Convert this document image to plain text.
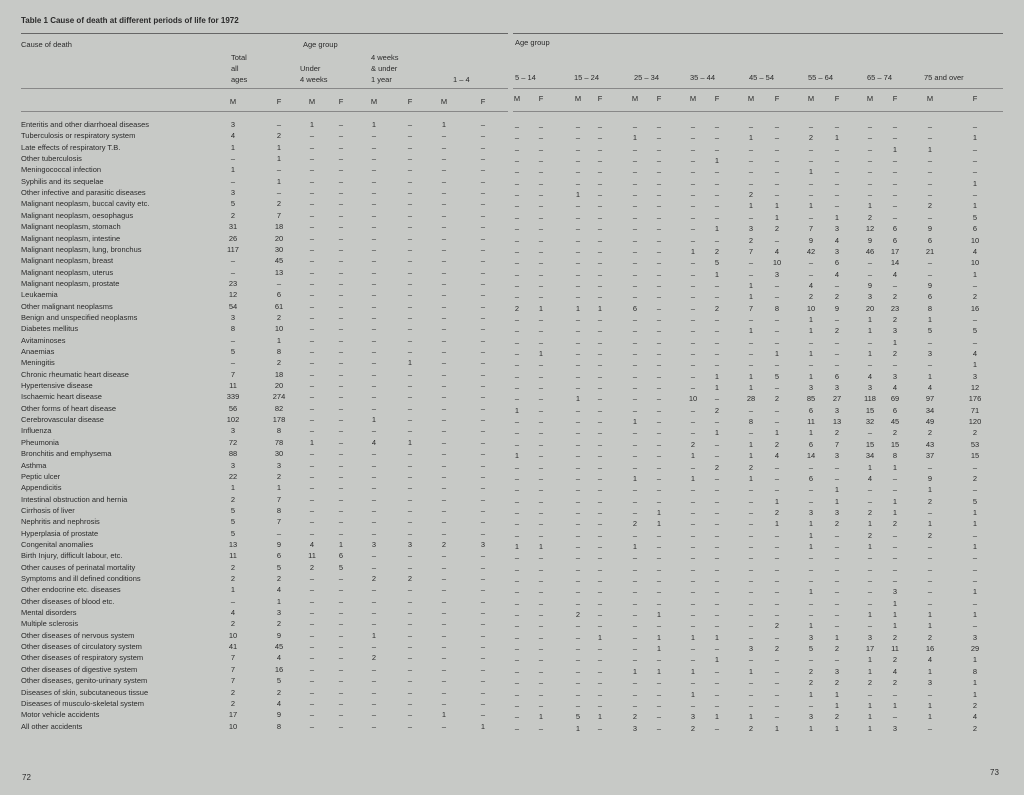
Table 1 Cause of death at different periods of life for 1972
Cause of death	Age group	Age group
Total
all
ages
Under
4 weeks
4 weeks
& under
1 year	1 – 4	5 – 14	15 – 24	25 – 34	35 – 44	45 – 54	55 – 64	65 – 74	75 and over
M	F	M	F	M	F	M	F	M	F	M	F	M	F	M	F	M	F	M	F	M	F	M	F
Enteritis and other diarrhoeal diseases	3	–	1	–	1	–	1	–	–	–	–	–	–	–	–	–	–	–	–	–	–	–	–	–
Tuberculosis or respiratory system	4	2	–	–	–	–	–	–	–	–	–	–	1	–	–	–	1	–	2	1	–	–	–	1
Late effects of respiratory T.B.	1	1	–	–	–	–	–	–	–	–	–	–	–	–	–	–	–	–	–	–	–	1	1	–
Other tuberculosis	–	1	–	–	–	–	–	–	–	–	–	–	–	–	–	1	–	–	–	–	–	–	–	–
Meningococcal infection	1	–	–	–	–	–	–	–	–	–	–	–	–	–	–	–	–	–	1	–	–	–	–	–
Syphilis and its sequelae	–	1	–	–	–	–	–	–	–	–	–	–	–	–	–	–	–	–	–	–	–	–	–	1
Other infective and parasitic diseases	3	–	–	–	–	–	–	–	–	–	1	–	–	–	–	–	2	–	–	–	–	–	–	–
Malignant neoplasm, buccal cavity etc.	5	2	–	–	–	–	–	–	–	–	–	–	–	–	–	–	1	1	1	–	1	–	2	1
Malignant neoplasm, oesophagus	2	7	–	–	–	–	–	–	–	–	–	–	–	–	–	–	–	1	–	1	2	–	–	5
Malignant neoplasm, stomach	31	18	–	–	–	–	–	–	–	–	–	–	–	–	–	1	3	2	7	3	12	6	9	6
Malignant neoplasm, intestine	26	20	–	–	–	–	–	–	–	–	–	–	–	–	–	–	2	–	9	4	9	6	6	10
Malignant neoplasm, lung, bronchus	117	30	–	–	–	–	–	–	–	–	–	–	–	–	1	2	7	4	42	3	46	17	21	4
Malignant neoplasm, breast	–	45	–	–	–	–	–	–	–	–	–	–	–	–	–	5	–	10	–	6	–	14	–	10
Malignant neoplasm, uterus	–	13	–	–	–	–	–	–	–	–	–	–	–	–	–	1	–	3	–	4	–	4	–	1
Malignant neoplasm, prostate	23	–	–	–	–	–	–	–	–	–	–	–	–	–	–	–	1	–	4	–	9	–	9	–
Leukaemia	12	6	–	–	–	–	–	–	–	–	–	–	–	–	–	–	1	–	2	2	3	2	6	2
Other malignant neoplasms	54	61	–	–	–	–	–	–	2	1	1	1	6	–	–	2	7	8	10	9	20	23	8	16
Benign and unspecified neoplasms	3	2	–	–	–	–	–	–	–	–	–	–	–	–	–	–	–	–	1	–	1	2	1	–
Diabetes mellitus	8	10	–	–	–	–	–	–	–	–	–	–	–	–	–	–	1	–	1	2	1	3	5	5
Avitaminoses	–	1	–	–	–	–	–	–	–	–	–	–	–	–	–	–	–	–	–	–	–	1	–	–
Anaemias	5	8	–	–	–	–	–	–	–	1	–	–	–	–	–	–	–	1	1	–	1	2	3	4
Meningitis	–	2	–	–	–	1	–	–	–	–	–	–	–	–	–	–	–	–	–	–	–	–	–	1
Chronic rheumatic heart disease	7	18	–	–	–	–	–	–	–	–	–	–	–	–	–	1	1	5	1	6	4	3	1	3
Hypertensive disease	11	20	–	–	–	–	–	–	–	–	–	–	–	–	–	1	1	–	3	3	3	4	4	12
Ischaemic heart disease	339	274	–	–	–	–	–	–	–	–	1	–	–	–	10	–	28	2	85	27	118	69	97	176
Other forms of heart disease	56	82	–	–	–	–	–	–	1	–	–	–	–	–	–	2	–	–	6	3	15	6	34	71
Cerebrovascular disease	102	178	–	–	1	–	–	–	–	–	–	–	1	–	–	–	8	–	11	13	32	45	49	120
Influenza	3	8	–	–	–	–	–	–	–	–	–	–	–	–	–	1	–	1	1	2	–	2	2	2
Pheumonia	72	78	1	–	4	1	–	–	–	–	–	–	–	–	2	–	1	2	6	7	15	15	43	53
Bronchitis and emphysema	88	30	–	–	–	–	–	–	1	–	–	–	–	–	1	–	1	4	14	3	34	8	37	15
Asthma	3	3	–	–	–	–	–	–	–	–	–	–	–	–	–	2	2	–	–	–	1	1	–	–
Peptic ulcer	22	2	–	–	–	–	–	–	–	–	–	–	1	–	1	–	1	–	6	–	4	–	9	2
Appendicitis	1	1	–	–	–	–	–	–	–	–	–	–	–	–	–	–	–	–	–	1	–	–	1	–
Intestinal obstruction and hernia	2	7	–	–	–	–	–	–	–	–	–	–	–	–	–	–	–	1	–	1	–	1	2	5
Cirrhosis of liver	5	8	–	–	–	–	–	–	–	–	–	–	–	1	–	–	–	2	3	3	2	1	–	1
Nephritis and nephrosis	5	7	–	–	–	–	–	–	–	–	–	–	2	1	–	–	–	1	1	2	1	2	1	1
Hyperplasia of prostate	5	–	–	–	–	–	–	–	–	–	–	–	–	–	–	–	–	–	1	–	2	–	2	–
Congenital anomalies	13	9	4	1	3	3	2	3	1	1	–	–	1	–	–	–	–	–	1	–	1	–	–	1
Birth Injury, difficult labour, etc.	11	6	11	6	–	–	–	–	–	–	–	–	–	–	–	–	–	–	–	–	–	–	–	–
Other causes of perinatal mortality	2	5	2	5	–	–	–	–	–	–	–	–	–	–	–	–	–	–	–	–	–	–	–	–
Symptoms and ill defined conditions	2	2	–	–	2	2	–	–	–	–	–	–	–	–	–	–	–	–	–	–	–	–	–	–
Other endocrine etc. diseases	1	4	–	–	–	–	–	–	–	–	–	–	–	–	–	–	–	–	1	–	–	3	–	1
Other diseases of blood etc.	–	1	–	–	–	–	–	–	–	–	–	–	–	–	–	–	–	–	–	–	–	1	–	–
Mental disorders	4	3	–	–	–	–	–	–	–	–	2	–	–	1	–	–	–	–	–	–	1	1	1	1
Multiple sclerosis	2	2	–	–	–	–	–	–	–	–	–	–	–	–	–	–	–	2	1	–	–	1	1	–
Other diseases of nervous system	10	9	–	–	1	–	–	–	–	–	–	1	–	1	1	1	–	–	3	1	3	2	2	3
Other diseases of circulatory system	41	45	–	–	–	–	–	–	–	–	–	–	–	1	–	–	3	2	5	2	17	11	16	29
Other diseases of respiratory system	7	4	–	–	2	–	–	–	–	–	–	–	–	–	–	1	–	–	–	–	1	2	4	1
Other diseases of digestive system	7	16	–	–	–	–	–	–	–	–	–	–	1	1	1	–	1	–	2	3	1	4	1	8
Other diseases, genito-urinary system	7	5	–	–	–	–	–	–	–	–	–	–	–	–	–	–	–	–	2	2	2	2	3	1
Diseases of skin, subcutaneous tissue	2	2	–	–	–	–	–	–	–	–	–	–	–	–	1	–	–	–	1	1	–	–	–	1
Diseases of musculo-skeletal system	2	4	–	–	–	–	–	–	–	–	–	–	–	–	–	–	–	–	–	1	1	1	1	2
Motor vehicle accidents	17	9	–	–	–	–	1	–	–	1	5	1	2	–	3	1	1	–	3	2	1	–	1	4
All other accidents	10	8	–	–	–	–	–	1	–	–	1	–	3	–	2	–	2	1	1	1	1	3	–	2
72
73
